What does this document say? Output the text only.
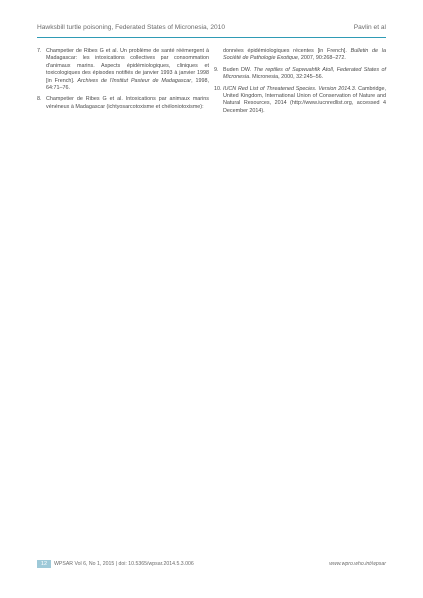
Hawksbill turtle poisoning, Federated States of Micronesia, 2010	Pavlin et al
7. Champetier de Ribes G et al. Un problème de santé réémergent à Madagascar: les intoxications collectives par consommation d'animaux marins. Aspects épidémiologiques, cliniques et toxicologiques des épisodes notifiés de janvier 1993 à janvier 1998 [in French]. Archives de l'Institut Pasteur de Madagascar, 1998, 64:71–76.
8. Champetier de Ribes G et al. Intoxications par animaux marins vénéneux à Madagascar (ichtyosarcotoxisme et chéloniotoxisme):
données épidémiologiques récentes [in French]. Bulletin de la Société de Pathologie Exotique, 2007, 90:268–272.
9. Buden DW. The reptiles of Sapwuahfik Atoll, Federated States of Micronesia. Micronesia, 2000, 32:245–56.
10. IUCN Red List of Threatened Species. Version 2014.3. Cambridge, United Kingdom, International Union of Conservation of Nature and Natural Resources, 2014 (http://www.iucnredlist.org, accessed 4 December 2014).
12	WPSAR Vol 6, No 1, 2015 | doi: 10.5365/wpsar.2014.5.3.006	www.wpro.who.int/wpsar
